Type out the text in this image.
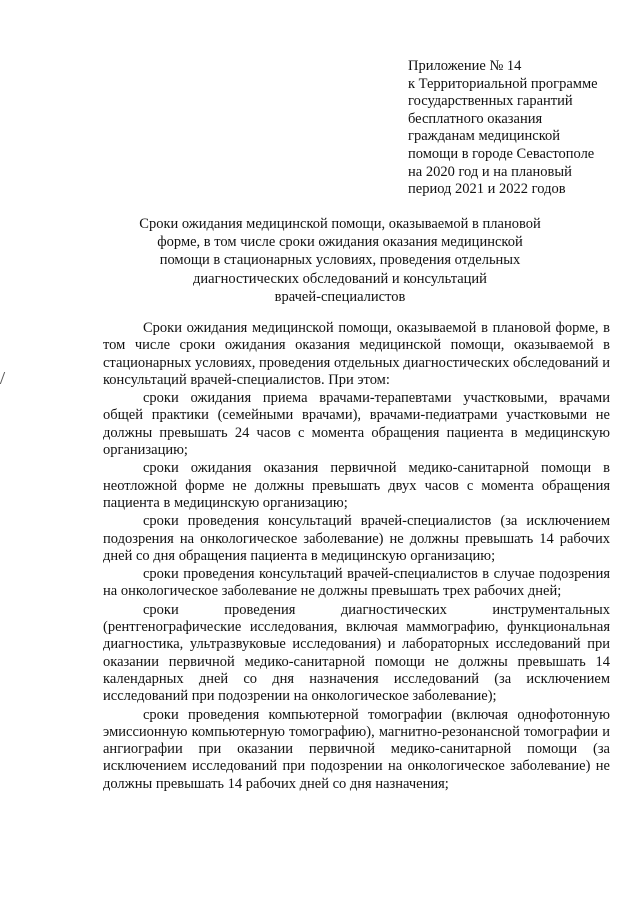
Приложение № 14
к Территориальной программе
государственных гарантий
бесплатного оказания
гражданам медицинской
помощи в городе Севастополе
на 2020 год и на плановый
период 2021 и 2022 годов
Сроки ожидания медицинской помощи, оказываемой в плановой
форме, в том числе сроки ожидания оказания медицинской
помощи в стационарных условиях, проведения отдельных
диагностических обследований и консультаций
врачей-специалистов

Сроки ожидания медицинской помощи, оказываемой в плановой форме, в том числе сроки ожидания оказания медицинской помощи, оказываемой в стационарных условиях, проведения отдельных диагностических обследований и консультаций врачей-специалистов. При этом:

сроки ожидания приема врачами-терапевтами участковыми, врачами общей практики (семейными врачами), врачами-педиатрами участковыми не должны превышать 24 часов с момента обращения пациента в медицинскую организацию;

сроки ожидания оказания первичной медико-санитарной помощи в неотложной форме не должны превышать двух часов с момента обращения пациента в медицинскую организацию;

сроки проведения консультаций врачей-специалистов (за исключением подозрения на онкологическое заболевание) не должны превышать 14 рабочих дней со дня обращения пациента в медицинскую организацию;

сроки проведения консультаций врачей-специалистов в случае подозрения на онкологическое заболевание не должны превышать трех рабочих дней;

сроки проведения диагностических инструментальных (рентгенографические исследования, включая маммографию, функциональная диагностика, ультразвуковые исследования) и лабораторных исследований при оказании первичной медико-санитарной помощи не должны превышать 14 календарных дней со дня назначения исследований (за исключением исследований при подозрении на онкологическое заболевание);

сроки проведения компьютерной томографии (включая однофотонную эмиссионную компьютерную томографию), магнитно-резонансной томографии и ангиографии при оказании первичной медико-санитарной помощи (за исключением исследований при подозрении на онкологическое заболевание) не должны превышать 14 рабочих дней со дня назначения;
